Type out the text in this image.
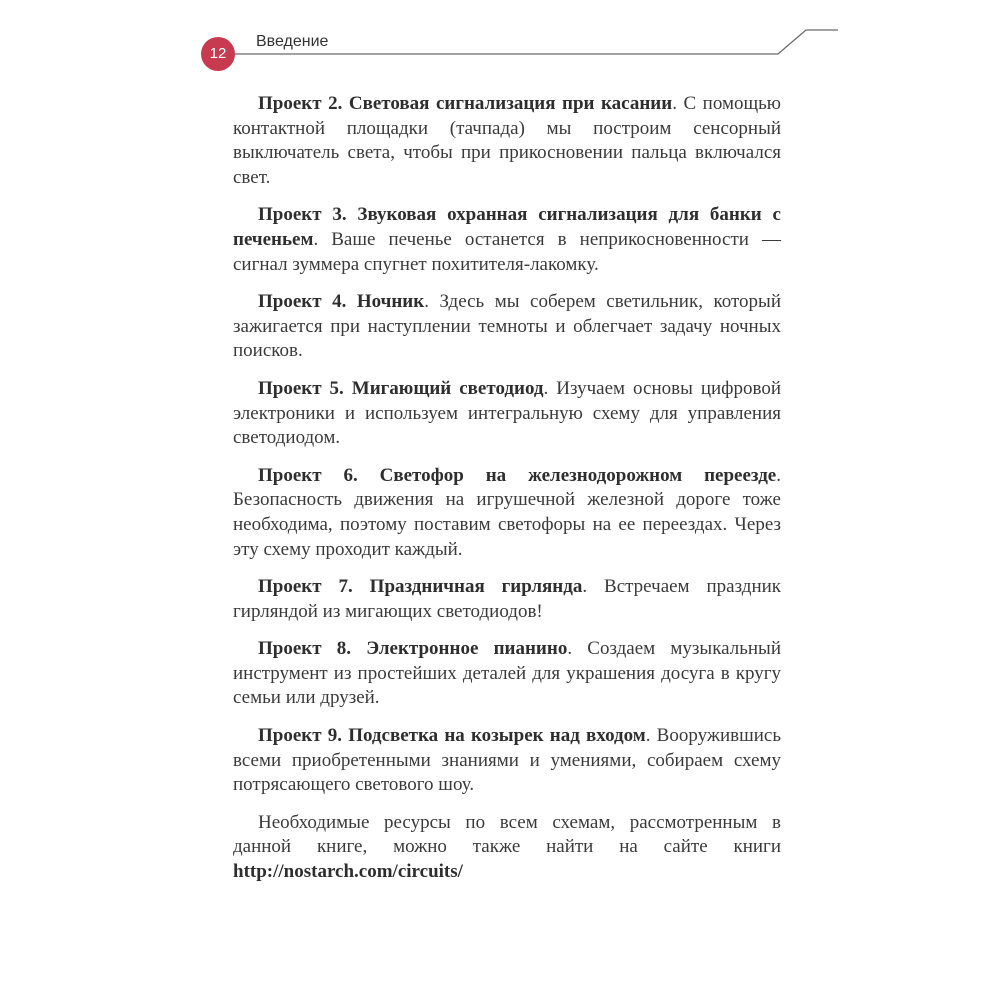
12
Введение

Проект 2. Световая сигнализация при касании. С помощью контактной площадки (тачпада) мы построим сенсорный выключатель света, чтобы при прикосновении пальца включался свет.

Проект 3. Звуковая охранная сигнализация для банки с печеньем. Ваше печенье останется в неприкосновенности — сигнал зуммера спугнет похитителя-лакомку.

Проект 4. Ночник. Здесь мы соберем светильник, который зажигается при наступлении темноты и облегчает задачу ночных поисков.

Проект 5. Мигающий светодиод. Изучаем основы цифровой электроники и используем интегральную схему для управления светодиодом.

Проект 6. Светофор на железнодорожном переезде. Безопасность движения на игрушечной железной дороге тоже необходима, поэтому поставим светофоры на ее переездах. Через эту схему проходит каждый.

Проект 7. Праздничная гирлянда. Встречаем праздник гирляндой из мигающих светодиодов!

Проект 8. Электронное пианино. Создаем музыкальный инструмент из простейших деталей для украшения досуга в кругу семьи или друзей.

Проект 9. Подсветка на козырек над входом. Вооружившись всеми приобретенными знаниями и умениями, собираем схему потрясающего светового шоу.

Необходимые ресурсы по всем схемам, рассмотренным в данной книге, можно также найти на сайте книги http://nostarch.com/circuits/
